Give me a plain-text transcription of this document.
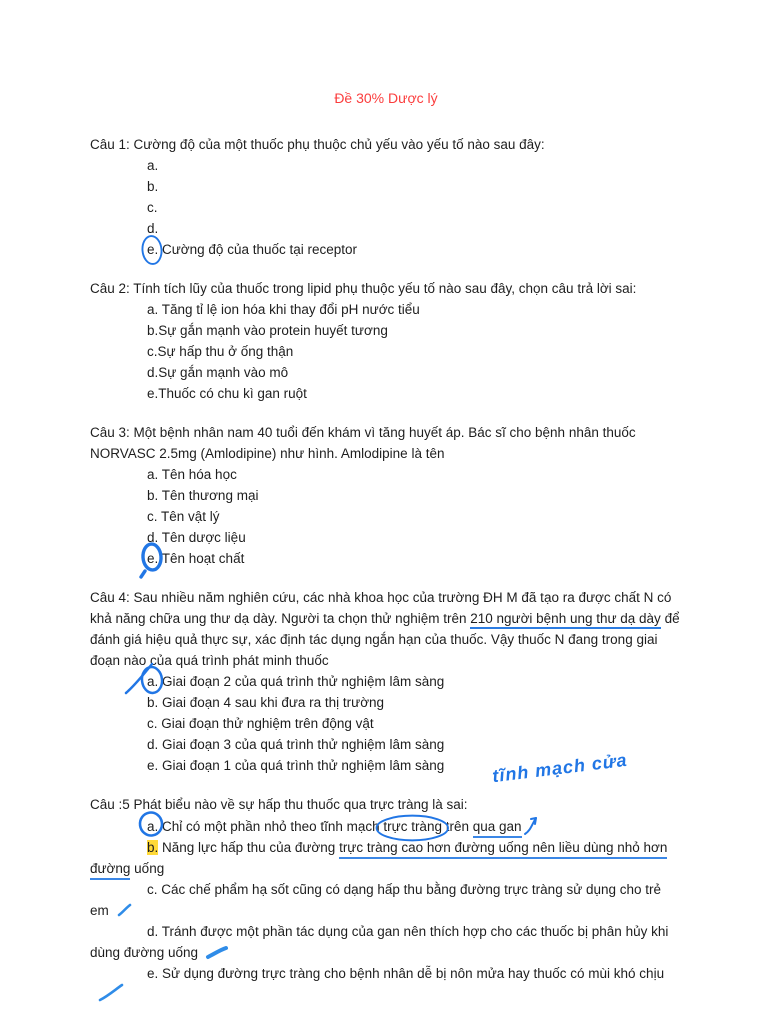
Đề 30% Dược lý

Câu 1: Cường độ của một thuốc phụ thuộc chủ yếu vào yếu tố nào sau đây:

a.

b.

c.

d.

e. Cường độ của thuốc tại receptor

Câu 2: Tính tích lũy của thuốc trong lipid phụ thuộc yếu tố nào sau đây, chọn câu trả lời sai:

a. Tăng tỉ lệ ion hóa khi thay đổi pH nước tiểu

b.Sự gắn mạnh vào protein huyết tương

c.Sự hấp thu ở ống thận

d.Sự gắn mạnh vào mô

e.Thuốc có chu kì gan ruột

Câu 3: Một bệnh nhân nam 40 tuổi đến khám vì tăng huyết áp. Bác sĩ cho bệnh nhân thuốc NORVASC 2.5mg (Amlodipine) như hình. Amlodipine là tên

a. Tên hóa học

b. Tên thương mại

c. Tên vật lý

d. Tên dược liệu

e. Tên hoạt chất

Câu 4: Sau nhiều năm nghiên cứu, các nhà khoa học của trường ĐH M đã tạo ra được chất N có khả năng chữa ung thư dạ dày. Người ta chọn thử nghiệm trên 210 người bệnh ung thư dạ dày để đánh giá hiệu quả thực sự, xác định tác dụng ngắn hạn của thuốc. Vậy thuốc N đang trong giai đoạn nào của quá trình phát minh thuốc

a. Giai đoạn 2 của quá trình thử nghiệm lâm sàng

b. Giai đoạn 4 sau khi đưa ra thị trường

c. Giai đoạn thử nghiệm trên động vật

d. Giai đoạn 3 của quá trình thử nghiệm lâm sàng

e. Giai đoạn 1 của quá trình thử nghiệm lâm sàng	tĩnh mạch cửa

Câu :5 Phát biểu nào về sự hấp thu thuốc qua trực tràng là sai:

a. Chỉ có một phần nhỏ theo tĩnh mạch
trực tràng trên qua gan

b. Năng lực hấp thu của đường trực tràng cao hơn đường uống nên liều dùng nhỏ hơn đường uống

c. Các chế phẩm hạ sốt cũng có dạng hấp thu bằng đường trực tràng sử dụng cho trẻ em

d. Tránh được một phần tác dụng của gan nên thích hợp cho các thuốc bị phân hủy khi dùng đường uống

e. Sử dụng đường trực tràng cho bệnh nhân dễ bị nôn mửa hay thuốc có mùi khó chịu
